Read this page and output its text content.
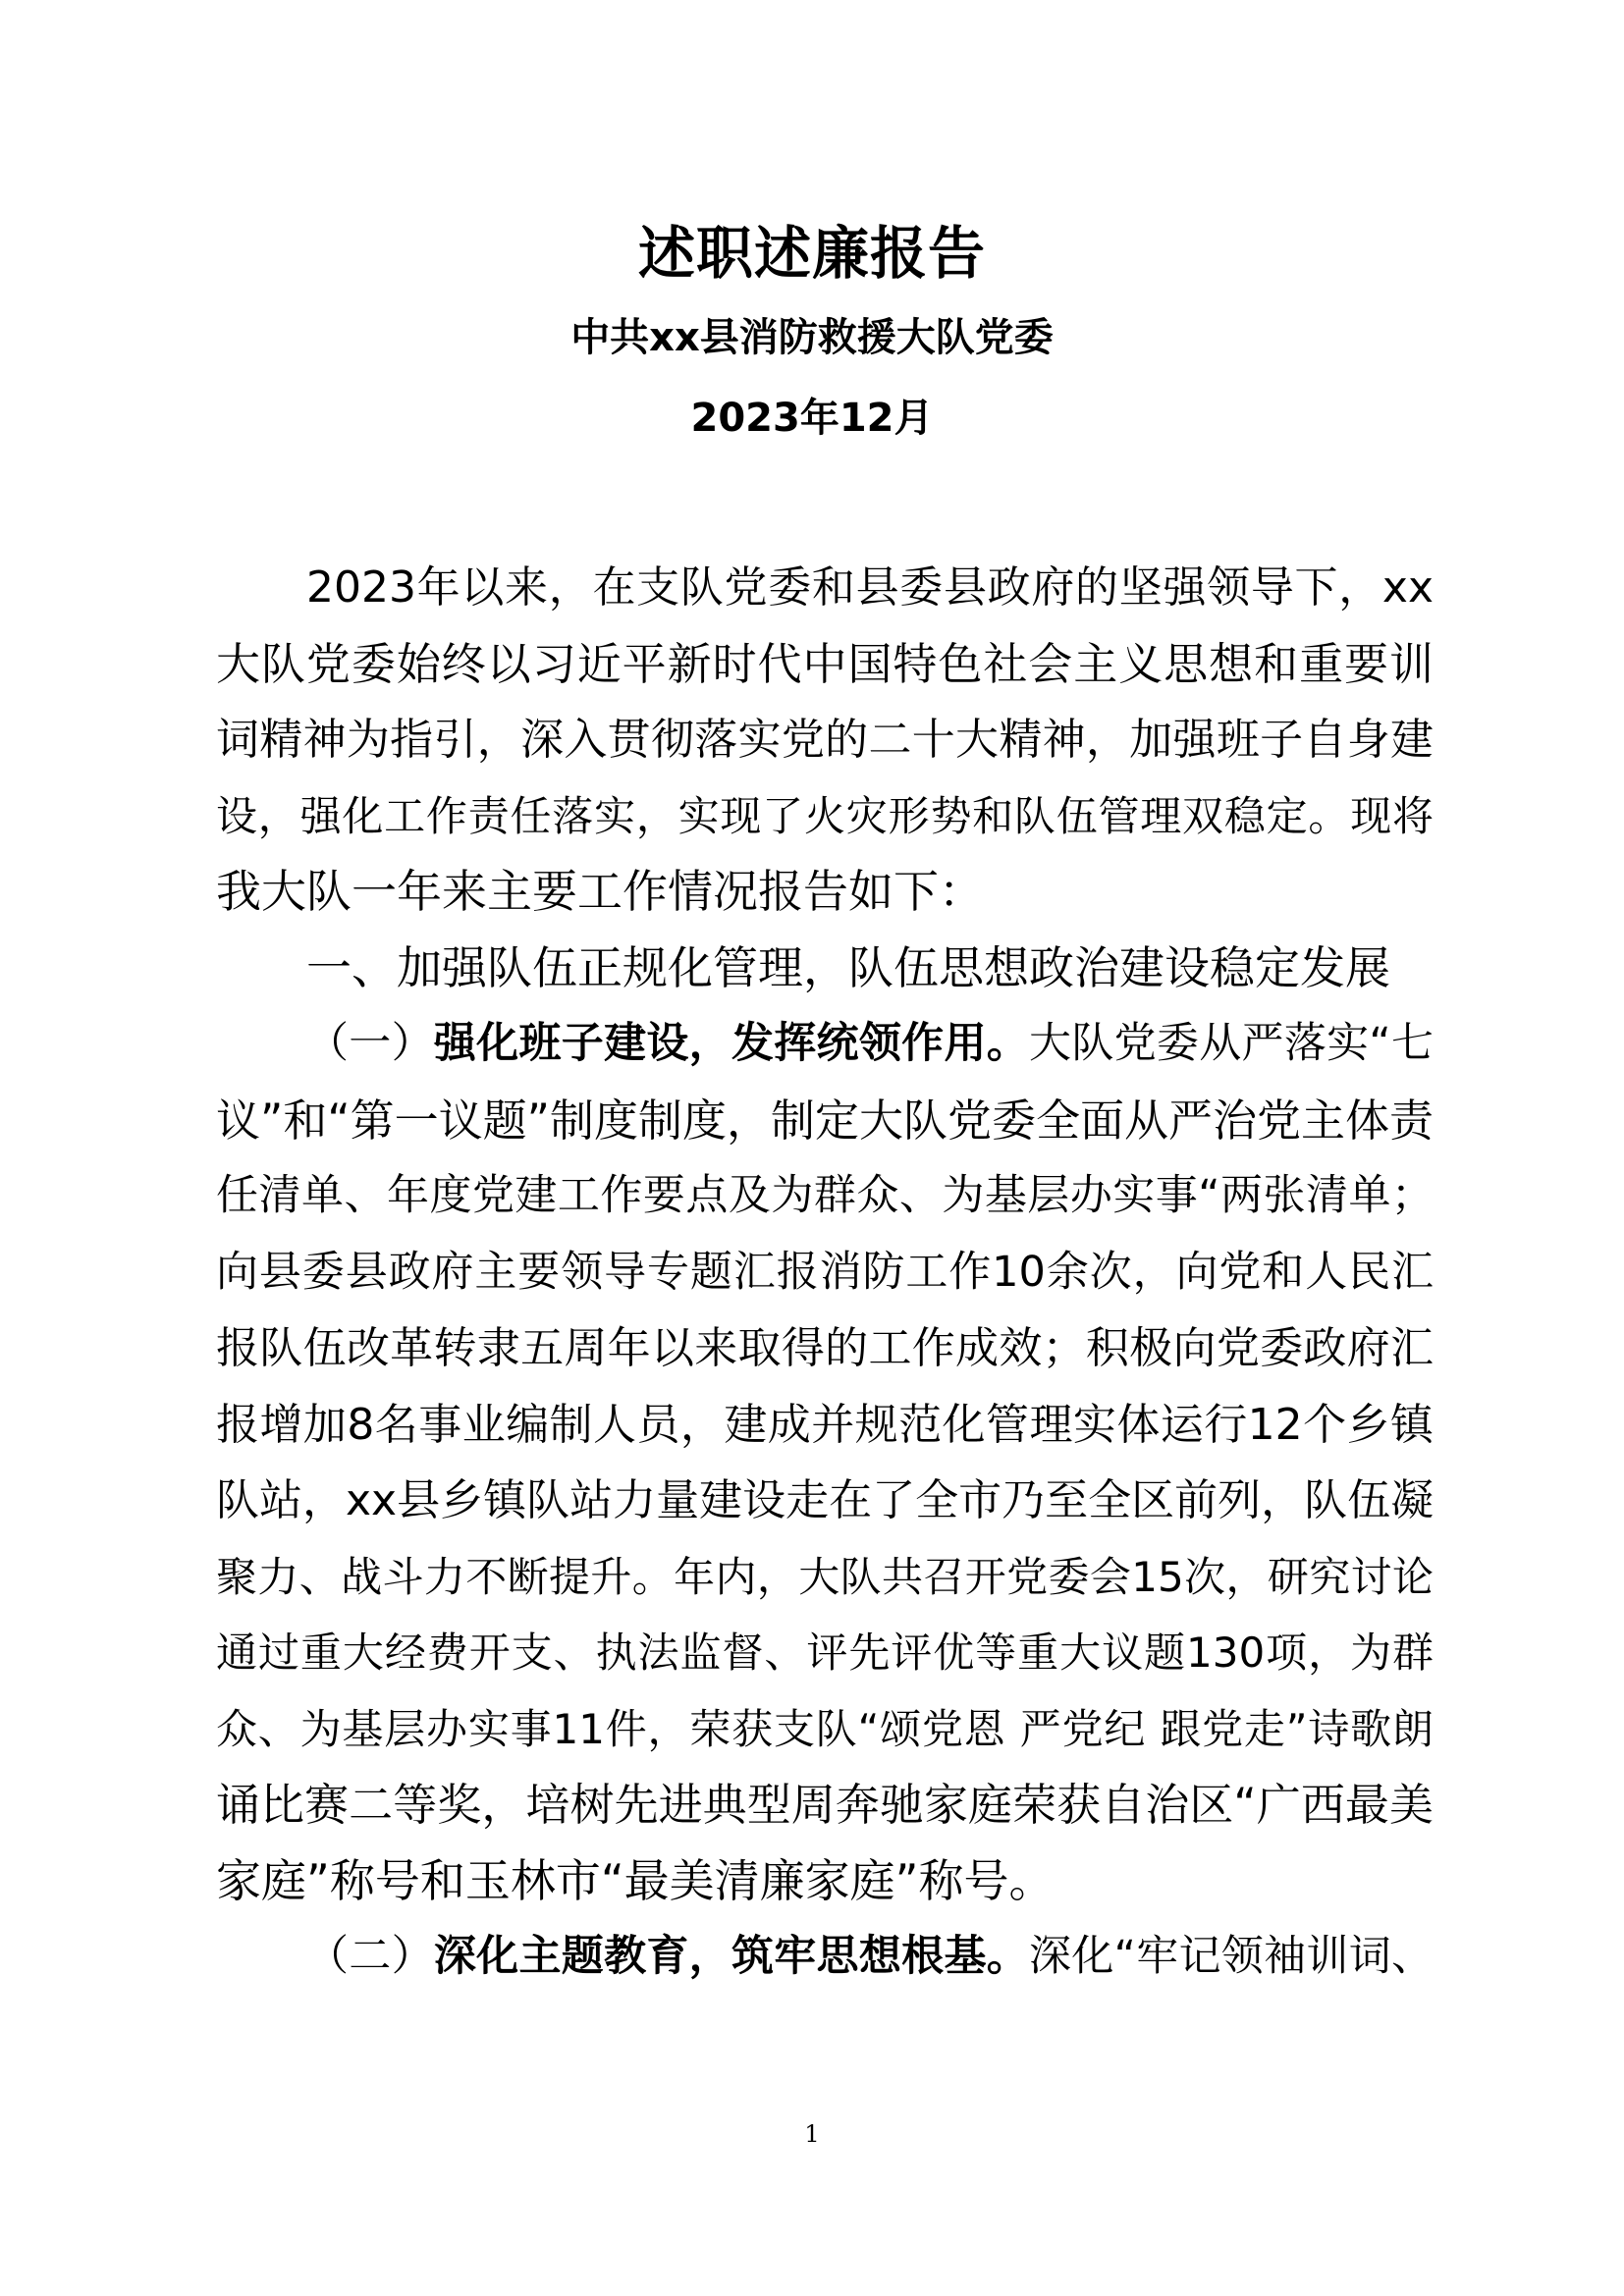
述职述廉报告
中共xx县消防救援大队党委
2023年12月
2023年以来，在支队党委和县委县政府的坚强领导下，xx
大队党委始终以习近平新时代中国特色社会主义思想和重要训
词精神为指引，深入贯彻落实党的二十大精神，加强班子自身建
设，强化工作责任落实，实现了火灾形势和队伍管理双稳定。现将
我大队一年来主要工作情况报告如下：
一、加强队伍正规化管理，队伍思想政治建设稳定发展
（一）强化班子建设，发挥统领作用。大队党委从严落实“七
议”和“第一议题”制度制度，制定大队党委全面从严治党主体责
任清单、年度党建工作要点及为群众、为基层办实事“两张清单；
向县委县政府主要领导专题汇报消防工作10余次，向党和人民汇
报队伍改革转隶五周年以来取得的工作成效；积极向党委政府汇
报增加8名事业编制人员，建成并规范化管理实体运行12个乡镇
队站，xx县乡镇队站力量建设走在了全市乃至全区前列，队伍凝
聚力、战斗力不断提升。年内，大队共召开党委会15次，研究讨论
通过重大经费开支、执法监督、评先评优等重大议题130项，为群
众、为基层办实事11件，荣获支队“颂党恩 严党纪 跟党走”诗歌朗
诵比赛二等奖，培树先进典型周奔驰家庭荣获自治区“广西最美
家庭”称号和玉林市“最美清廉家庭”称号。
（二）深化主题教育，筑牢思想根基。深化“牢记领袖训词、
1
